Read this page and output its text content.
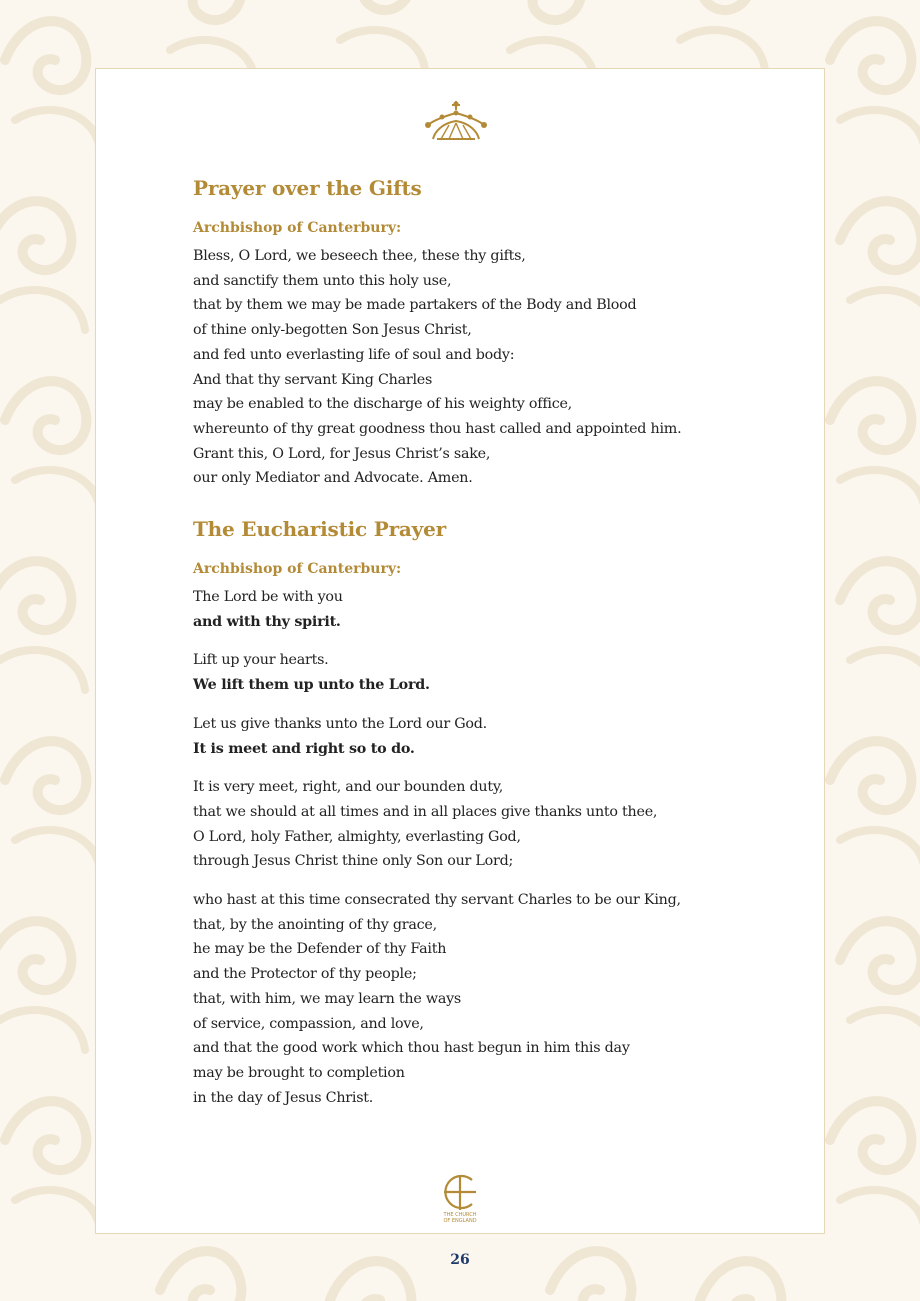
Prayer over the Gifts
Archbishop of Canterbury:
Bless, O Lord, we beseech thee, these thy gifts,
and sanctify them unto this holy use,
that by them we may be made partakers of the Body and Blood
of thine only-begotten Son Jesus Christ,
and fed unto everlasting life of soul and body:
And that thy servant King Charles
may be enabled to the discharge of his weighty office,
whereunto of thy great goodness thou hast called and appointed him.
Grant this, O Lord, for Jesus Christ’s sake,
our only Mediator and Advocate. Amen.
The Eucharistic Prayer
Archbishop of Canterbury:
The Lord be with you
and with thy spirit.
Lift up your hearts.
We lift them up unto the Lord.
Let us give thanks unto the Lord our God.
It is meet and right so to do.
It is very meet, right, and our bounden duty,
that we should at all times and in all places give thanks unto thee,
O Lord, holy Father, almighty, everlasting God,
through Jesus Christ thine only Son our Lord;
who hast at this time consecrated thy servant Charles to be our King,
that, by the anointing of thy grace,
he may be the Defender of thy Faith
and the Protector of thy people;
that, with him, we may learn the ways
of service, compassion, and love,
and that the good work which thou hast begun in him this day
may be brought to completion
in the day of Jesus Christ.
THE CHURCH
OF ENGLAND
26
